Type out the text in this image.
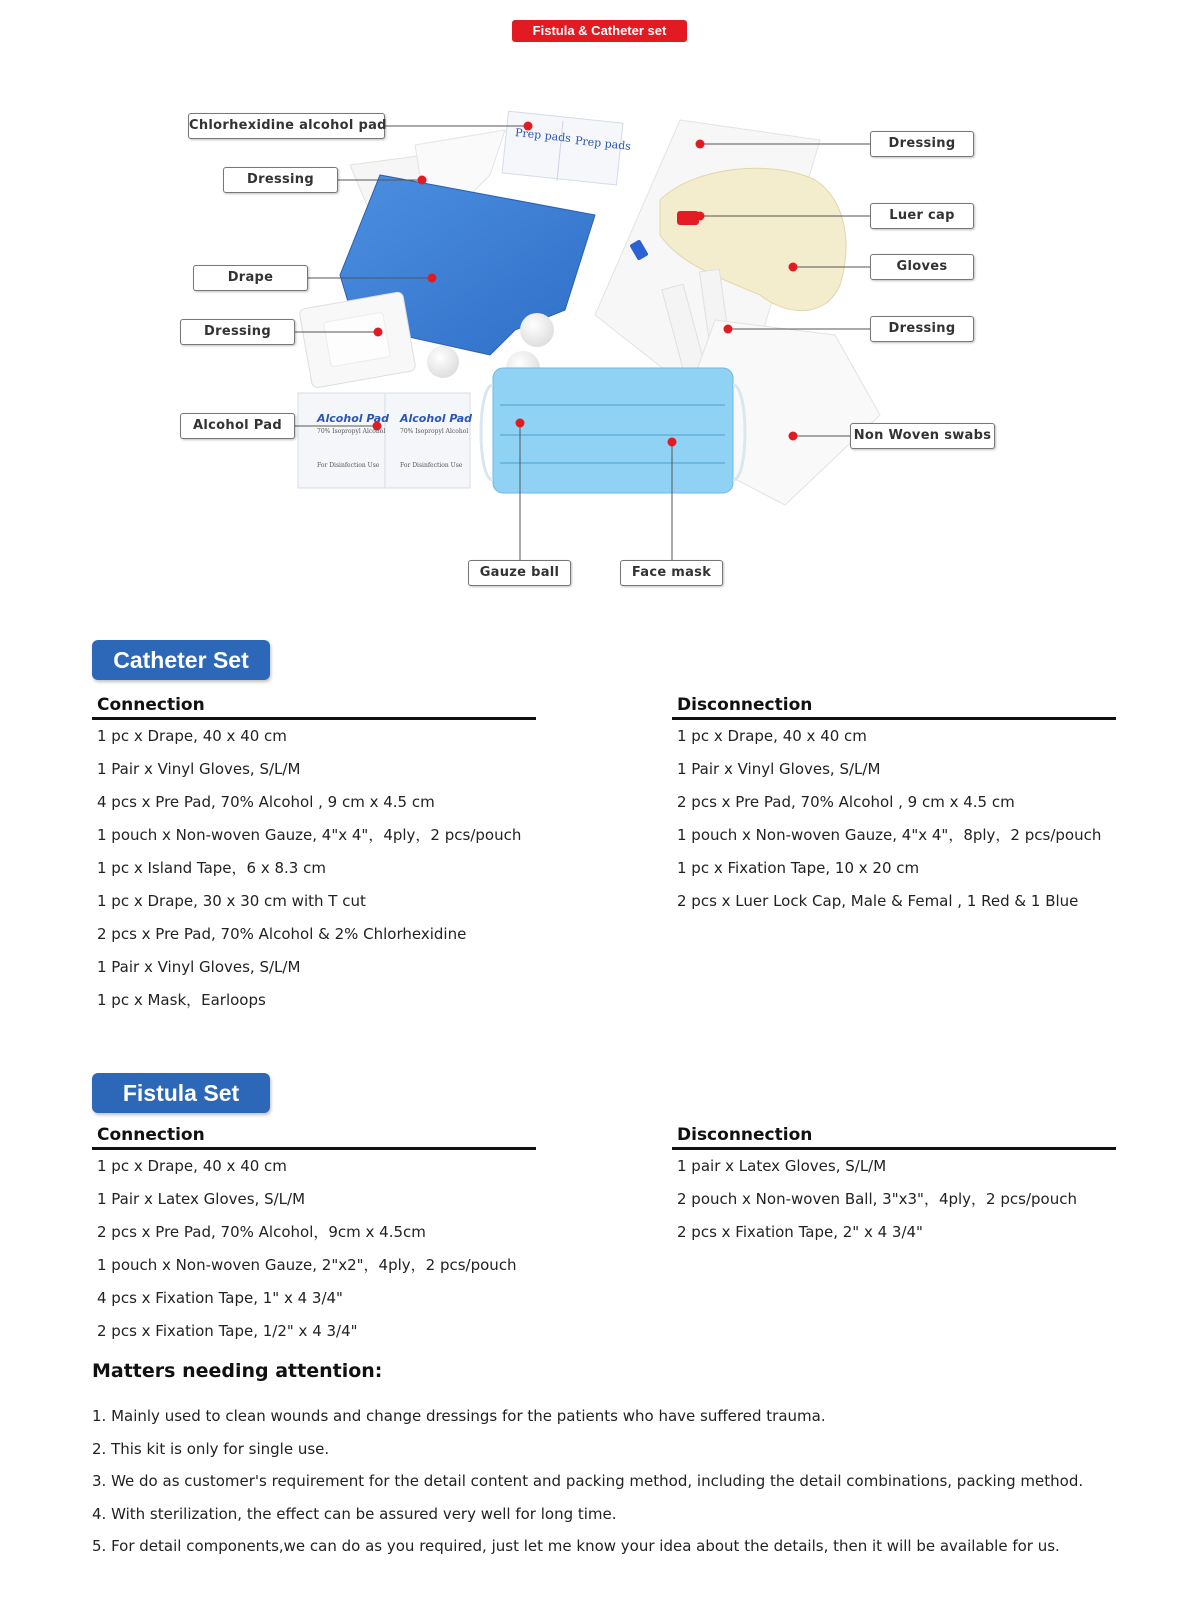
Fistula & Catheter set
Prep pads Prep pads
Alcohol Pad Alcohol Pad
70% Isopropyl Alcohol 70% Isopropyl Alcohol
For Disinfection Use	For Disinfection Use
Chlorhexidine alcohol pad
Dressing
Drape
Dressing
Alcohol Pad
Gauze ball	Face mask
Dressing
Luer cap
Gloves
Dressing
Non Woven swabs
Catheter Set
Connection
1 pc x Drape, 40 x 40 cm
1 Pair x Vinyl Gloves, S/L/M
4 pcs x Pre Pad, 70% Alcohol , 9 cm x 4.5 cm
1 pouch x Non-woven Gauze, 4"x 4"，4ply，2 pcs/pouch
1 pc x Island Tape，6 x 8.3 cm
1 pc x Drape, 30 x 30 cm with T cut
2 pcs x Pre Pad, 70% Alcohol & 2% Chlorhexidine
1 Pair x Vinyl Gloves, S/L/M
1 pc x Mask，Earloops
Disconnection
1 pc x Drape, 40 x 40 cm
1 Pair x Vinyl Gloves, S/L/M
2 pcs x Pre Pad, 70% Alcohol , 9 cm x 4.5 cm
1 pouch x Non-woven Gauze, 4"x 4"，8ply，2 pcs/pouch
1 pc x Fixation Tape, 10 x 20 cm
2 pcs x Luer Lock Cap, Male & Femal , 1 Red & 1 Blue
Fistula Set
Connection
1 pc x Drape, 40 x 40 cm
1 Pair x Latex Gloves, S/L/M
2 pcs x Pre Pad, 70% Alcohol，9cm x 4.5cm
1 pouch x Non-woven Gauze, 2"x2"，4ply，2 pcs/pouch
4 pcs x Fixation Tape, 1" x 4 3/4"
2 pcs x Fixation Tape, 1/2" x 4 3/4"
Disconnection
1 pair x Latex Gloves, S/L/M
2 pouch x Non-woven Ball, 3"x3"，4ply，2 pcs/pouch
2 pcs x Fixation Tape, 2" x 4 3/4"
Matters needing attention:
1. Mainly used to clean wounds and change dressings for the patients who have suffered trauma.
2. This kit is only for single use.
3. We do as customer's requirement for the detail content and packing method, including the detail combinations, packing method.
4. With sterilization, the effect can be assured very well for long time.
5. For detail components,we can do as you required, just let me know your idea about the details, then it will be available for us.
